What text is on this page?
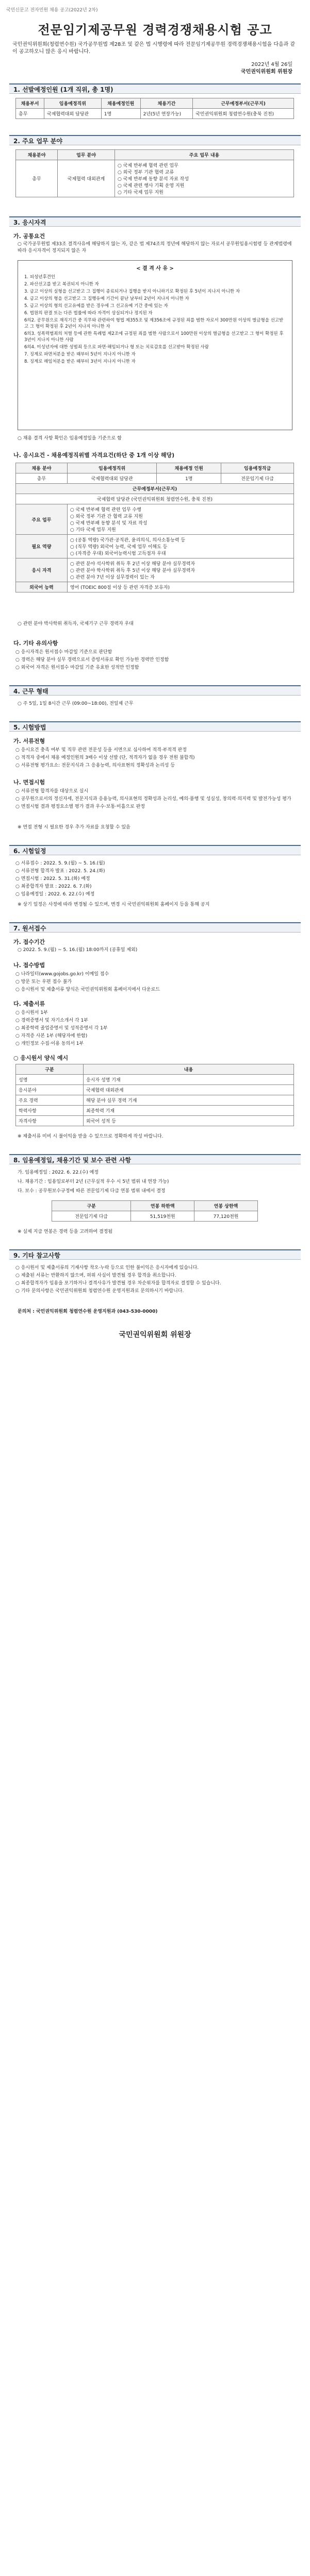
국민신문고 전자민원 채용 공고(2022년 2차)
전문임기제공무원 경력경쟁채용시험 공고
국민권익위원회(청렴연수원) 국가공무원법 제28조 및 같은 법 시행령에 따라 전문임기제공무원 경력경쟁채용시험을 다음과 같이 공고하오니 많은 응시 바랍니다.
2022년 4월 26일
국민권익위원회 위원장
1. 선발예정인원 (1개 직위, 총 1명)
채용부서	임용예정직위	채용예정인원	채용기간	근무예정부서(근무지)
총무	국제협력대외 담당관	1명	2년(5년 연장가능)	국민권익위원회 청렴연수원(충북 진천)
2. 주요 업무 분야
채용분야	업무 분야	주요 업무 내용
총무	국제협력 대외관계	○ 국제 반부패 협력 관련 업무
○ 외국 정부 기관 협력 교류
○ 국제 반부패 동향 분석 자료 작성
○ 국제 관련 행사 기획 운영 지원
○ 기타 국제 업무 지원
3. 응시자격
가. 공통요건
○ 국가공무원법 제33조 결격사유에 해당하지 않는 자, 같은 법 제74조의 정년에 해당하지 않는 자로서 공무원임용시험령 등 관계법령에 따라 응시자격이 정지되지 않은 자
< 결 격 사 유 >
1. 피성년후견인
2. 파산선고를 받고 복권되지 아니한 자
3. 금고 이상의 실형을 선고받고 그 집행이 종료되거나 집행을 받지 아니하기로 확정된 후 5년이 지나지 아니한 자
4. 금고 이상의 형을 선고받고 그 집행유예 기간이 끝난 날부터 2년이 지나지 아니한 자
5. 금고 이상의 형의 선고유예를 받은 경우에 그 선고유예 기간 중에 있는 자
6. 법원의 판결 또는 다른 법률에 따라 자격이 상실되거나 정지된 자
6의2. 공무원으로 재직기간 중 직무와 관련하여 형법 제355조 및 제356조에 규정된 죄를 범한 자로서 300만원 이상의 벌금형을 선고받고 그 형이 확정된 후 2년이 지나지 아니한 자
6의3. 성폭력범죄의 처벌 등에 관한 특례법 제2조에 규정된 죄를 범한 사람으로서 100만원 이상의 벌금형을 선고받고 그 형이 확정된 후 3년이 지나지 아니한 사람
6의4. 미성년자에 대한 성범죄 등으로 파면·해임되거나 형 또는 치료감호를 선고받아 확정된 사람
7. 징계로 파면처분을 받은 때부터 5년이 지나지 아니한 자
8. 징계로 해임처분을 받은 때부터 3년이 지나지 아니한 자
○ 채용 결격 사항 확인은 임용예정일을 기준으로 함
나. 응시요건 - 채용예정직위별 자격요건(하단 중 1개 이상 해당)
채용 분야	임용예정직위	채용예정 인원	임용예정직급
총무	국제협력대외 담당관	1명	전문임기제 다급
근무예정부서(근무지)			
국제협력 담당관 (국민권익위원회 청렴연수원, 충북 진천)			
주요 업무	○ 국제 반부패 협력 관련 업무 수행
○ 외국 정부 기관 간 협력 교류 지원
○ 국제 반부패 동향 분석 및 자료 작성
○ 기타 국제 업무 지원		

필요 역량	○ (공통 역량) 국가관·공직관, 윤리의식, 의사소통능력 등
○ (직무 역량) 외국어 능력, 국제 업무 이해도 등
○ (자격증 우대) 외국어능력시험 고득점자 우대		

응시 자격	○ 관련 분야 석사학위 취득 후 2년 이상 해당 분야 실무경력자
○ 관련 분야 학사학위 취득 후 5년 이상 해당 분야 실무경력자
○ 관련 분야 7년 이상 실무경력이 있는 자		

외국어 능력	영어 (TOEIC 800점 이상 등 관련 자격증 보유자)		
○ 관련 분야 박사학위 취득자, 국제기구 근무 경력자 우대
다. 기타 유의사항
○ 응시자격은 원서접수 마감일 기준으로 판단함
○ 경력은 해당 분야 실무 경력으로서 증빙서류로 확인 가능한 경력만 인정함
○ 외국어 자격은 원서접수 마감일 기준 유효한 성적만 인정함
4. 근무 형태
○ 주 5일, 1일 8시간 근무 (09:00~18:00), 전일제 근무
5. 시험방법
가. 서류전형
○ 응시요건 충족 여부 및 직무 관련 전문성 등을 서면으로 심사하여 적격·부적격 판정
○ 적격자 중에서 채용 예정인원의 3배수 이상 선발 (단, 적격자가 없을 경우 전원 불합격)
○ 서류전형 평가요소: 전문지식과 그 응용능력, 의사표현의 정확성과 논리성 등
나. 면접시험
○ 서류전형 합격자를 대상으로 실시
○ 공무원으로서의 정신자세, 전문지식과 응용능력, 의사표현의 정확성과 논리성, 예의·품행 및 성실성, 창의력·의지력 및 발전가능성 평가
○ 면접시험 결과 평정요소별 평가 결과 우수·보통·미흡으로 판정
※ 면접 전형 시 필요한 경우 추가 자료를 요청할 수 있음
6. 시험일정
○ 서류접수 : 2022. 5. 9.(월) ~ 5. 16.(월)
○ 서류전형 합격자 발표 : 2022. 5. 24.(화)
○ 면접시험 : 2022. 5. 31.(화) 예정
○ 최종합격자 발표 : 2022. 6. 7.(화)
○ 임용예정일 : 2022. 6. 22.(수) 예정
※ 상기 일정은 사정에 따라 변경될 수 있으며, 변경 시 국민권익위원회 홈페이지 등을 통해 공지
7. 원서접수
가. 접수기간
○ 2022. 5. 9.(월) ~ 5. 16.(월) 18:00까지 (공휴일 제외)
나. 접수방법
○ 나라일터(www.gojobs.go.kr) 이메일 접수
○ 방문 또는 우편 접수 불가
○ 응시원서 및 제출서류 양식은 국민권익위원회 홈페이지에서 다운로드
다. 제출서류
○ 응시원서 1부
○ 경력증명서 및 자기소개서 각 1부
○ 최종학력 졸업증명서 및 성적증명서 각 1부
○ 자격증 사본 1부 (해당자에 한함)
○ 개인정보 수집·이용 동의서 1부
○ 응시원서 양식 예시
구분	내용
성명	응시자 성명 기재
응시분야	국제협력 대외관계
주요 경력	해당 분야 실무 경력 기재
학력사항	최종학력 기재
자격사항	외국어 성적 등
※ 제출서류 미비 시 불이익을 받을 수 있으므로 정확하게 작성 바랍니다.
8. 임용예정일, 채용기간 및 보수 관련 사항
가. 임용예정일 : 2022. 6. 22.(수) 예정
나. 채용기간 : 임용일로부터 2년 (근무실적 우수 시 5년 범위 내 연장 가능)
다. 보수 : 공무원보수규정에 따른 전문임기제 다급 연봉 범위 내에서 결정
구분	연봉 하한액	연봉 상한액
전문임기제 다급	51,519천원	77,120천원
※ 실제 지급 연봉은 경력 등을 고려하여 결정됨
9. 기타 참고사항
○ 응시원서 및 제출서류의 기재사항 착오·누락 등으로 인한 불이익은 응시자에게 있습니다.
○ 제출된 서류는 반환하지 않으며, 허위 사실이 발견될 경우 합격을 취소합니다.
○ 최종합격자가 임용을 포기하거나 결격사유가 발견될 경우 차순위자를 합격자로 결정할 수 있습니다.
○ 기타 문의사항은 국민권익위원회 청렴연수원 운영지원과로 문의하시기 바랍니다.
문의처 : 국민권익위원회 청렴연수원 운영지원과 (043-530-0000)
국민권익위원회 위원장
